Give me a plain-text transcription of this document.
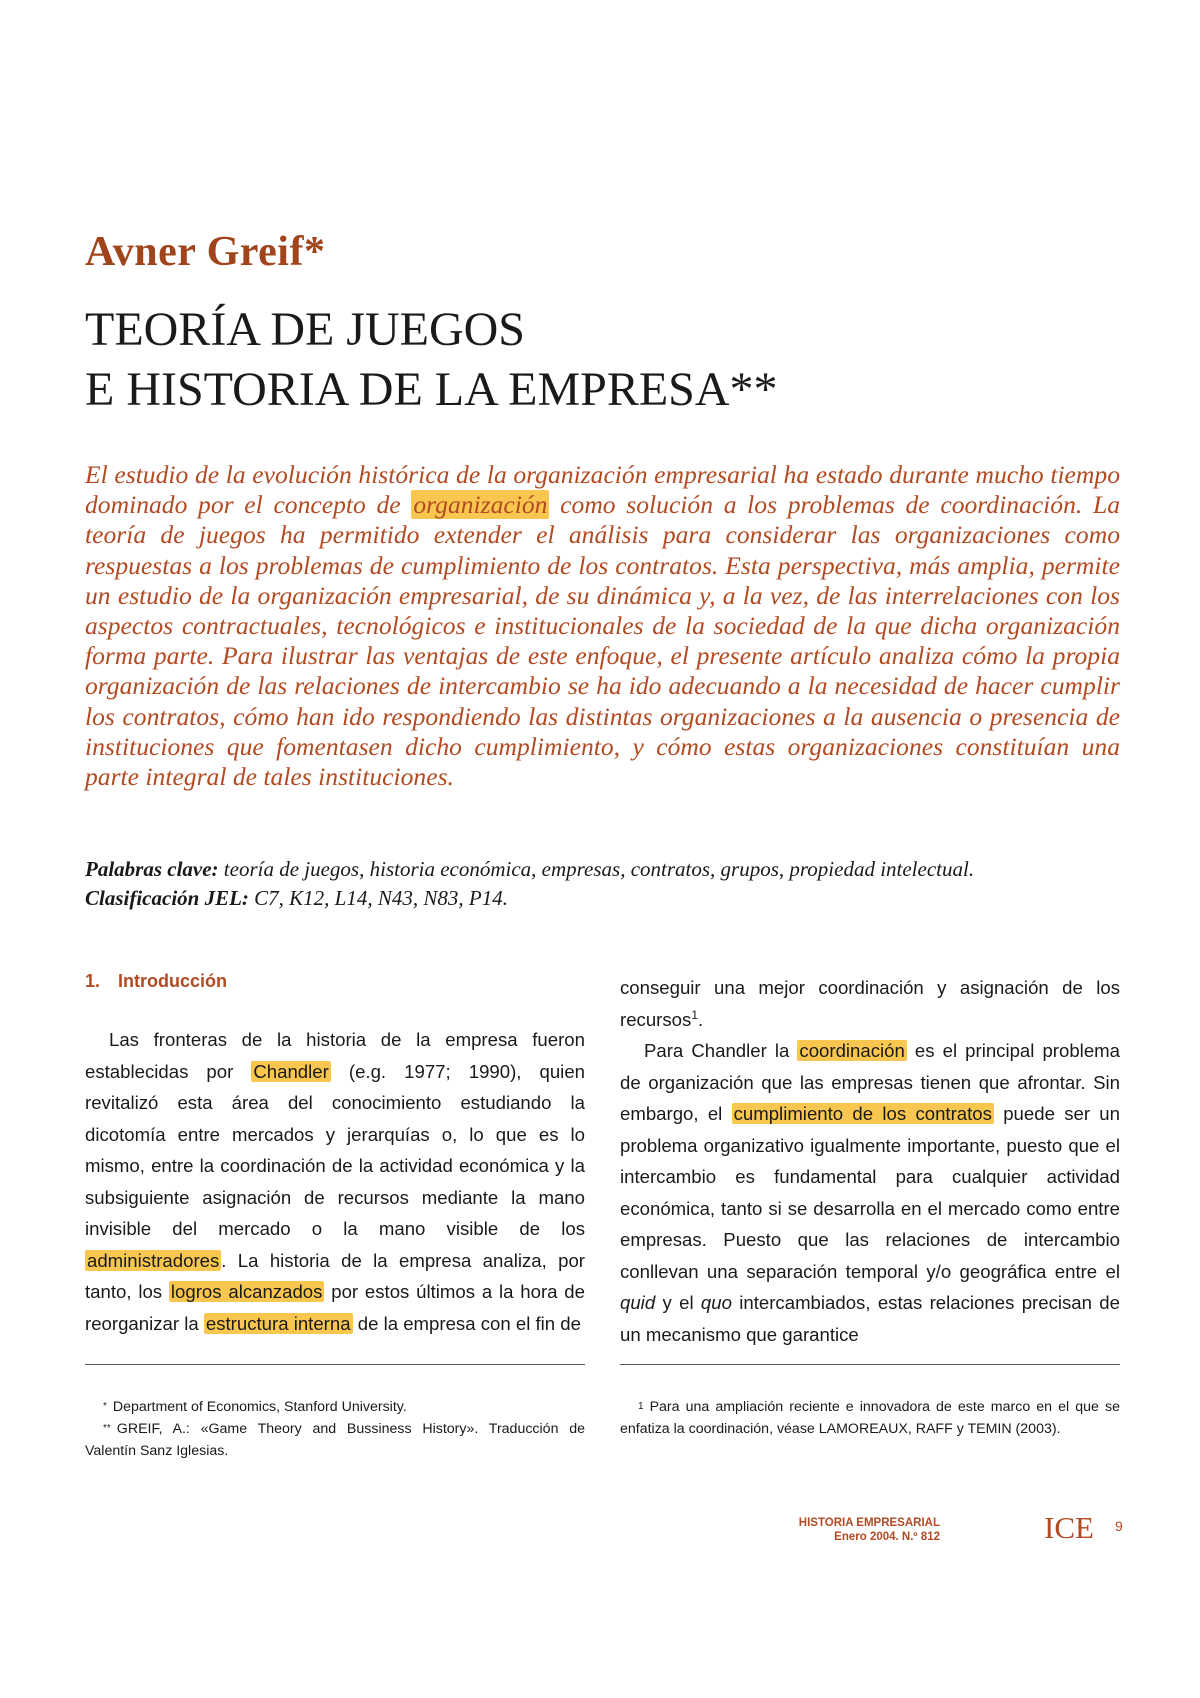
Avner Greif*
TEORÍA DE JUEGOS
E HISTORIA DE LA EMPRESA**

El estudio de la evolución histórica de la organización empresarial ha estado durante mucho tiempo dominado por el concepto de organización como solución a los problemas de coordinación. La teoría de juegos ha permitido extender el análisis para considerar las organizaciones como respuestas a los problemas de cumplimiento de los contratos. Esta perspectiva, más amplia, permite un estudio de la organización empresarial, de su dinámica y, a la vez, de las interrelaciones con los aspectos contractuales, tecnológicos e institucionales de la sociedad de la que dicha organización forma parte. Para ilustrar las ventajas de este enfoque, el presente artículo analiza cómo la propia organización de las relaciones de intercambio se ha ido adecuando a la necesidad de hacer cumplir los contratos, cómo han ido respondiendo las distintas organizaciones a la ausencia o presencia de instituciones que fomentasen dicho cumplimiento, y cómo estas organizaciones constituían una parte integral de tales instituciones.

Palabras clave: teoría de juegos, historia económica, empresas, contratos, grupos, propiedad intelectual.
Clasificación JEL: C7, K12, L14, N43, N83, P14.
1. Introducción

Las fronteras de la historia de la empresa fueron establecidas por Chandler (e.g. 1977; 1990), quien revitalizó esta área del conocimiento estudiando la dicotomía entre mercados y jerarquías o, lo que es lo mismo, entre la coordinación de la actividad económica y la subsiguiente asignación de recursos mediante la mano invisible del mercado o la mano visible de los administradores . La historia de la empresa analiza, por tanto, los logros alcanzados por estos últimos a la hora de reorganizar la estructura interna de la empresa con el fin de

conseguir una mejor coordinación y asignación de los recursos$^1$.

Para Chandler la coordinación es el principal problema de organización que las empresas tienen que afrontar. Sin embargo, el cumplimiento de los contratos puede ser un problema organizativo igualmente importante, puesto que el intercambio es fundamental para cualquier actividad económica, tanto si se desarrolla en el mercado como entre empresas. Puesto que las relaciones de intercambio conllevan una separación temporal y/o geográfica entre el quid y el quo intercambiados, estas relaciones precisan de un mecanismo que garantice

* Department of Economics, Stanford University.

** GREIF, A.: «Game Theory and Bussiness History». Traducción de Valentín Sanz Iglesias.

$^1$ Para una ampliación reciente e innovadora de este marco en el que se enfatiza la coordinación, véase LAMOREAUX, RAFF y TEMIN (2003).

HISTORIA EMPRESARIAL
Enero 2004. N.º 812	ICE 9
